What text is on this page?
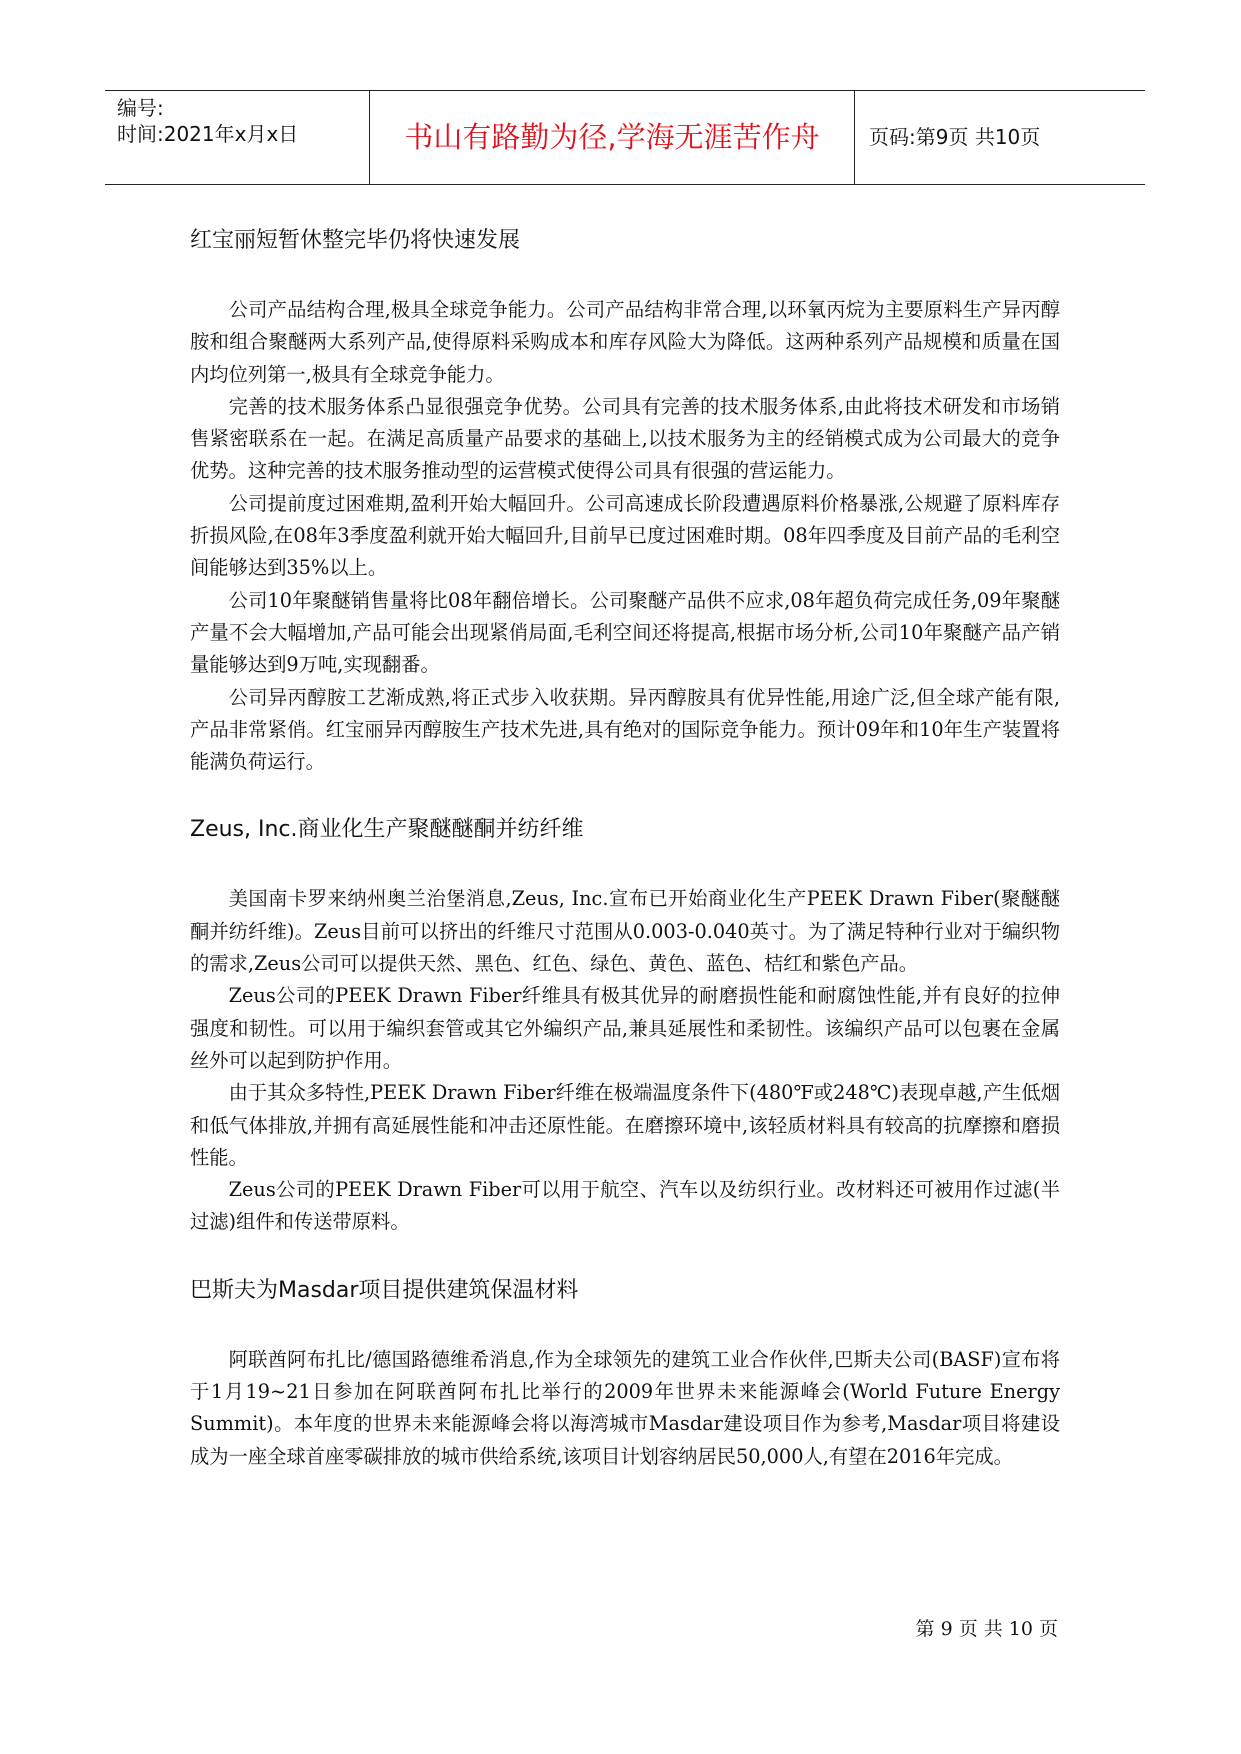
编号:
时间:2021年x月x日	书山有路勤为径,学海无涯苦作舟	页码:第9页 共10页
红宝丽短暂休整完毕仍将快速发展

公司产品结构合理,极具全球竞争能力。公司产品结构非常合理,以环氧丙烷为主要原料生产异丙醇胺和组合聚醚两大系列产品,使得原料采购成本和库存风险大为降低。这两种系列产品规模和质量在国内均位列第一,极具有全球竞争能力。

完善的技术服务体系凸显很强竞争优势。公司具有完善的技术服务体系,由此将技术研发和市场销售紧密联系在一起。在满足高质量产品要求的基础上,以技术服务为主的经销模式成为公司最大的竞争优势。这种完善的技术服务推动型的运营模式使得公司具有很强的营运能力。

公司提前度过困难期,盈利开始大幅回升。公司高速成长阶段遭遇原料价格暴涨,公规避了原料库存折损风险,在08年3季度盈利就开始大幅回升,目前早已度过困难时期。08年四季度及目前产品的毛利空间能够达到35%以上。

公司10年聚醚销售量将比08年翻倍增长。公司聚醚产品供不应求,08年超负荷完成任务,09年聚醚产量不会大幅增加,产品可能会出现紧俏局面,毛利空间还将提高,根据市场分析,公司10年聚醚产品产销量能够达到9万吨,实现翻番。

公司异丙醇胺工艺渐成熟,将正式步入收获期。异丙醇胺具有优异性能,用途广泛,但全球产能有限,产品非常紧俏。红宝丽异丙醇胺生产技术先进,具有绝对的国际竞争能力。预计09年和10年生产装置将能满负荷运行。

Zeus, Inc.商业化生产聚醚醚酮并纺纤维

美国南卡罗来纳州奥兰治堡消息,Zeus, Inc.宣布已开始商业化生产PEEK Drawn Fiber(聚醚醚酮并纺纤维)。Zeus目前可以挤出的纤维尺寸范围从0.003-0.040英寸。为了满足特种行业对于编织物的需求,Zeus公司可以提供天然、黑色、红色、绿色、黄色、蓝色、桔红和紫色产品。

Zeus公司的PEEK Drawn Fiber纤维具有极其优异的耐磨损性能和耐腐蚀性能,并有良好的拉伸强度和韧性。可以用于编织套管或其它外编织产品,兼具延展性和柔韧性。该编织产品可以包裹在金属丝外可以起到防护作用。

由于其众多特性,PEEK Drawn Fiber纤维在极端温度条件下(480℉或248℃)表现卓越,产生低烟和低气体排放,并拥有高延展性能和冲击还原性能。在磨擦环境中,该轻质材料具有较高的抗摩擦和磨损性能。

Zeus公司的PEEK Drawn Fiber可以用于航空、汽车以及纺织行业。改材料还可被用作过滤(半过滤)组件和传送带原料。

巴斯夫为Masdar项目提供建筑保温材料

阿联酋阿布扎比/德国路德维希消息,作为全球领先的建筑工业合作伙伴,巴斯夫公司(BASF)宣布将于1月19~21日参加在阿联酋阿布扎比举行的2009年世界未来能源峰会(World Future Energy Summit)。本年度的世界未来能源峰会将以海湾城市Masdar建设项目作为参考,Masdar项目将建设成为一座全球首座零碳排放的城市供给系统,该项目计划容纳居民50,000人,有望在2016年完成。

第 9 页 共 10 页
